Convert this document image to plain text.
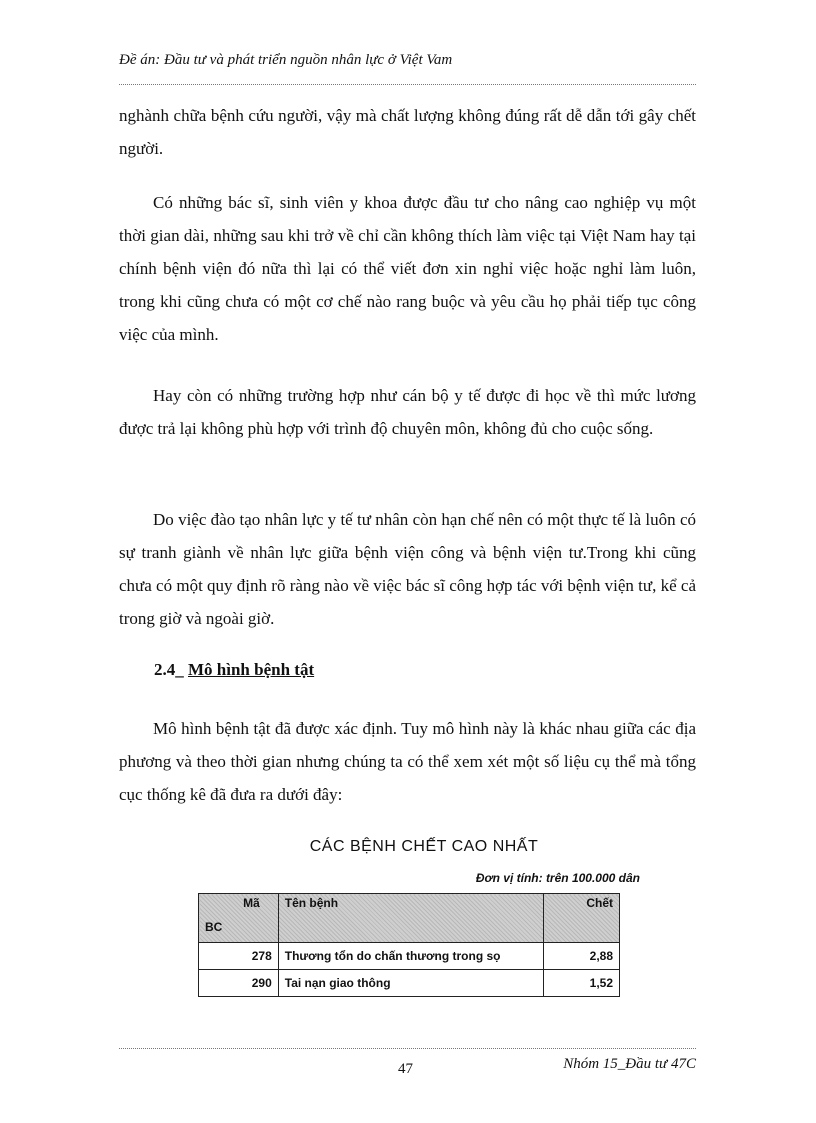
Đề án: Đầu tư và phát triển nguồn nhân lực ở Việt Vam

nghành chữa bệnh cứu người, vậy mà chất lượng không đúng rất dễ dẫn tới gây chết người.

Có những bác sĩ, sinh viên y khoa được đầu tư cho nâng cao nghiệp vụ một thời gian dài, những sau khi trở về chỉ cần không thích làm việc tại Việt Nam hay tại chính bệnh viện đó nữa thì lại có thể viết đơn xin nghỉ việc hoặc nghỉ làm luôn, trong khi cũng chưa có một cơ chế nào rang buộc và yêu cầu họ phải tiếp tục công việc của mình.

Hay còn có những trường hợp như cán bộ y tế được đi học về thì mức lương được trả lại không phù hợp với trình độ chuyên môn, không đủ cho cuộc sống.

Do việc đào tạo nhân lực y tế tư nhân còn hạn chế nên có một thực tế là luôn có sự tranh giành về nhân lực giữa bệnh viện công và bệnh viện tư.Trong khi cũng chưa có một quy định rõ ràng nào về việc bác sĩ công hợp tác với bệnh viện tư, kể cả trong giờ và ngoài giờ.

2.4_ Mô hình bệnh tật

Mô hình bệnh tật đã được xác định. Tuy mô hình này là khác nhau giữa các địa phương và theo thời gian nhưng chúng ta có thể xem xét một số liệu cụ thể mà tổng cục thống kê đã đưa ra dưới đây:

CÁC BỆNH CHẾT CAO NHẤT
Đơn vị tính: trên 100.000 dân
Mã
BC	Tên bệnh	Chết
278	Thương tổn do chấn thương trong sọ	2,88
290	Tai nạn giao thông	1,52
47	Nhóm 15_Đầu tư 47C
